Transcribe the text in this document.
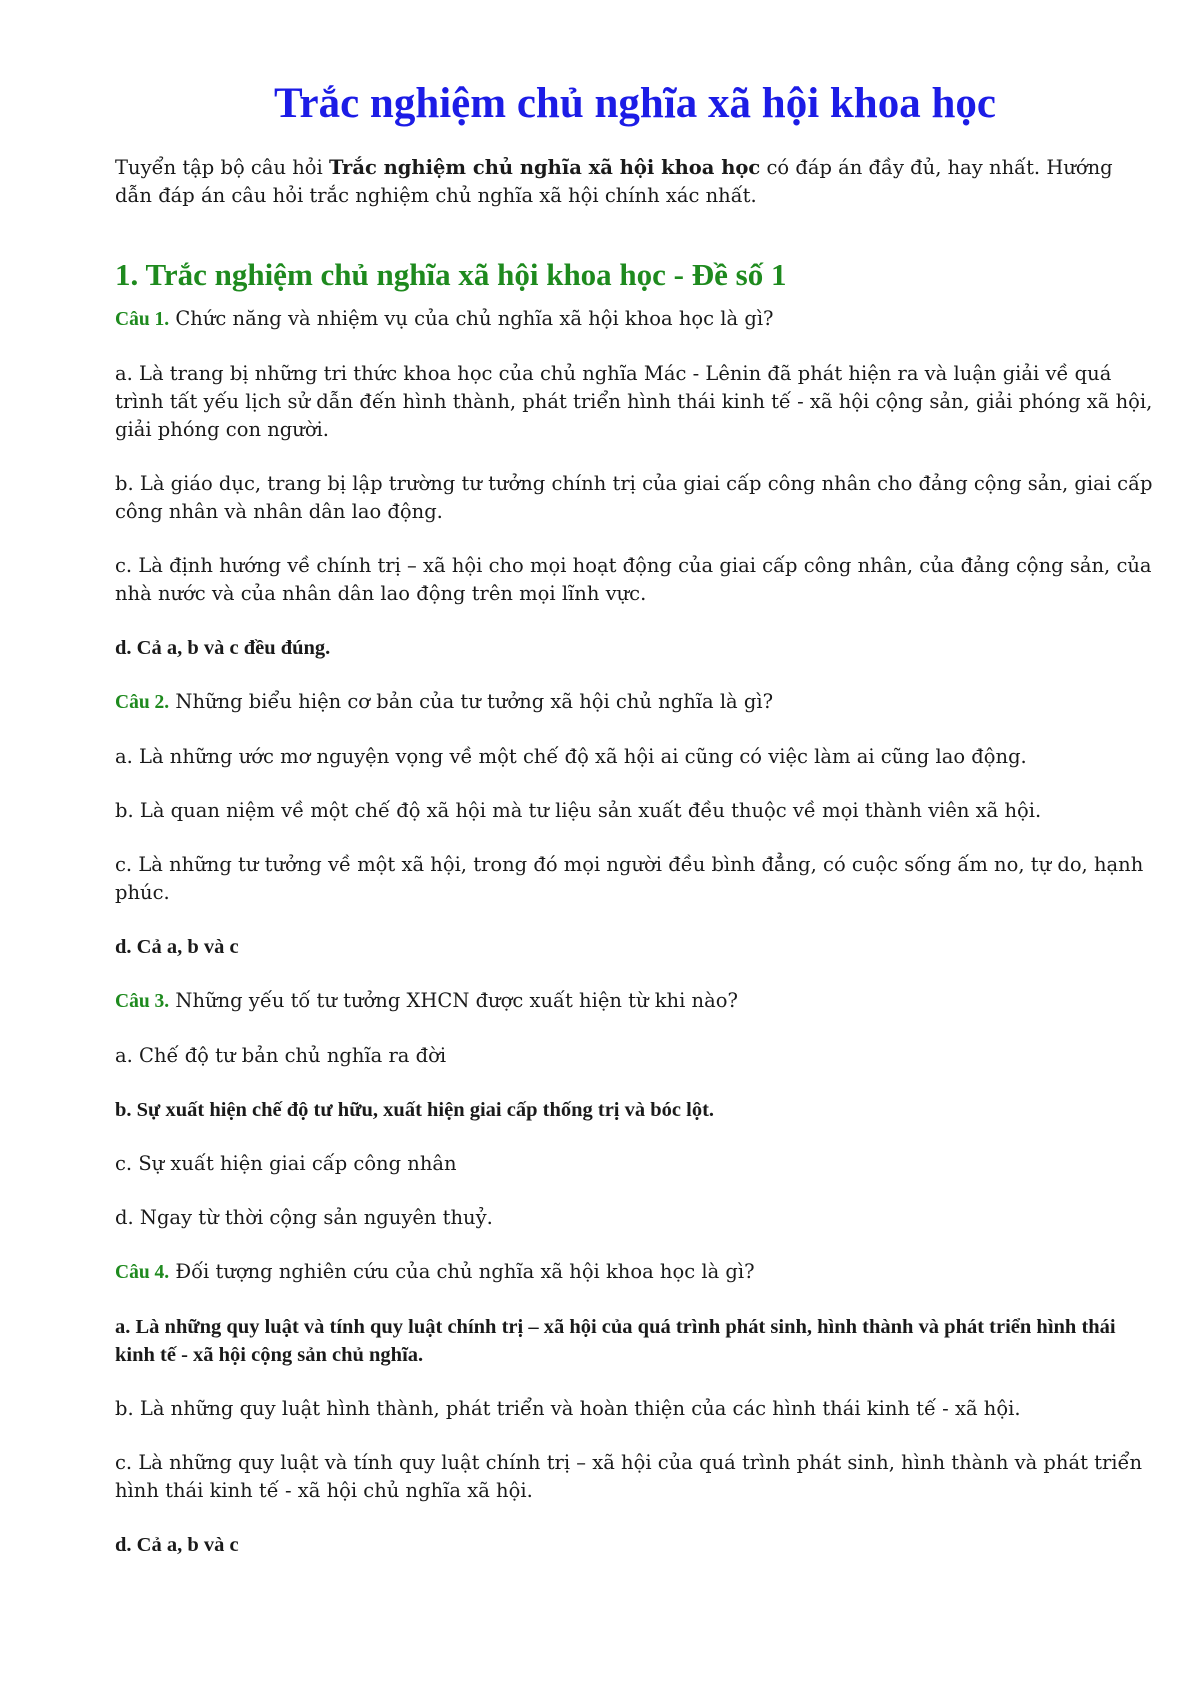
Trắc nghiệm chủ nghĩa xã hội khoa học

Tuyển tập bộ câu hỏi Trắc nghiệm chủ nghĩa xã hội khoa học có đáp án đầy đủ, hay nhất. Hướng dẫn đáp án câu hỏi trắc nghiệm chủ nghĩa xã hội chính xác nhất.

1. Trắc nghiệm chủ nghĩa xã hội khoa học - Đề số 1

Câu 1. Chức năng và nhiệm vụ của chủ nghĩa xã hội khoa học là gì?

a. Là trang bị những tri thức khoa học của chủ nghĩa Mác - Lênin đã phát hiện ra và luận giải về quá trình tất yếu lịch sử dẫn đến hình thành, phát triển hình thái kinh tế - xã hội cộng sản, giải phóng xã hội, giải phóng con người.

b. Là giáo dục, trang bị lập trường tư tưởng chính trị của giai cấp công nhân cho đảng cộng sản, giai cấp công nhân và nhân dân lao động.

c. Là định hướng về chính trị – xã hội cho mọi hoạt động của giai cấp công nhân, của đảng cộng sản, của nhà nước và của nhân dân lao động trên mọi lĩnh vực.

d. Cả a, b và c đều đúng.

Câu 2. Những biểu hiện cơ bản của tư tưởng xã hội chủ nghĩa là gì?

a. Là những ước mơ nguyện vọng về một chế độ xã hội ai cũng có việc làm ai cũng lao động.

b. Là quan niệm về một chế độ xã hội mà tư liệu sản xuất đều thuộc về mọi thành viên xã hội.

c. Là những tư tưởng về một xã hội, trong đó mọi người đều bình đẳng, có cuộc sống ấm no, tự do, hạnh phúc.

d. Cả a, b và c

Câu 3. Những yếu tố tư tưởng XHCN được xuất hiện từ khi nào?

a. Chế độ tư bản chủ nghĩa ra đời

b. Sự xuất hiện chế độ tư hữu, xuất hiện giai cấp thống trị và bóc lột.

c. Sự xuất hiện giai cấp công nhân

d. Ngay từ thời cộng sản nguyên thuỷ.

Câu 4. Đối tượng nghiên cứu của chủ nghĩa xã hội khoa học là gì?

a. Là những quy luật và tính quy luật chính trị – xã hội của quá trình phát sinh, hình thành và phát triển hình thái kinh tế - xã hội cộng sản chủ nghĩa.

b. Là những quy luật hình thành, phát triển và hoàn thiện của các hình thái kinh tế - xã hội.

c. Là những quy luật và tính quy luật chính trị – xã hội của quá trình phát sinh, hình thành và phát triển hình thái kinh tế - xã hội chủ nghĩa xã hội.

d. Cả a, b và c
